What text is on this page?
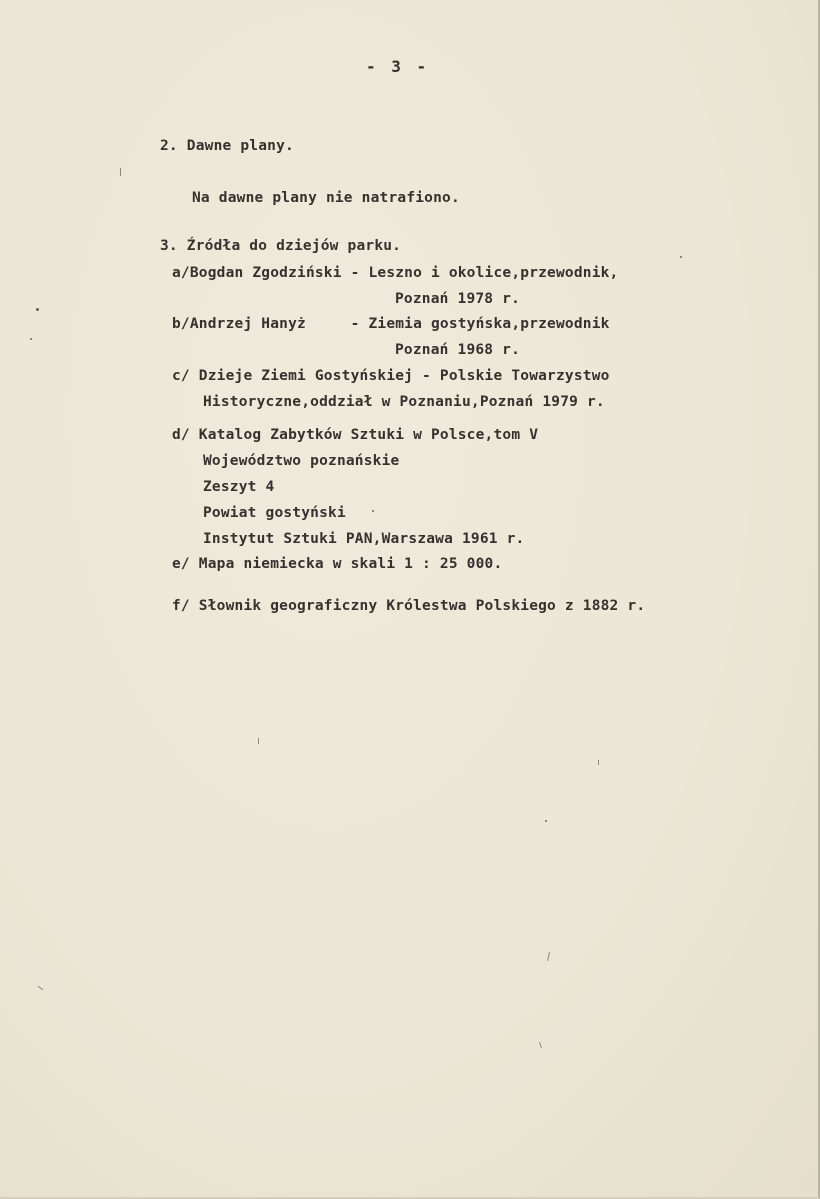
- 3 -
2. Dawne plany.
Na dawne plany nie natrafiono.
3. Źródła do dziejów parku.
a/Bogdan Zgodziński - Leszno i okolice,przewodnik,
Poznań 1978 r.
b/Andrzej Hanyż     - Ziemia gostyńska,przewodnik
Poznań 1968 r.
c/ Dzieje Ziemi Gostyńskiej - Polskie Towarzystwo
Historyczne,oddział w Poznaniu,Poznań 1979 r.
d/ Katalog Zabytków Sztuki w Polsce,tom V
Województwo poznańskie
Zeszyt 4
Powiat gostyński
Instytut Sztuki PAN,Warszawa 1961 r.
e/ Mapa niemiecka w skali 1 : 25 000.
f/ Słownik geograficzny Królestwa Polskiego z 1882 r.
